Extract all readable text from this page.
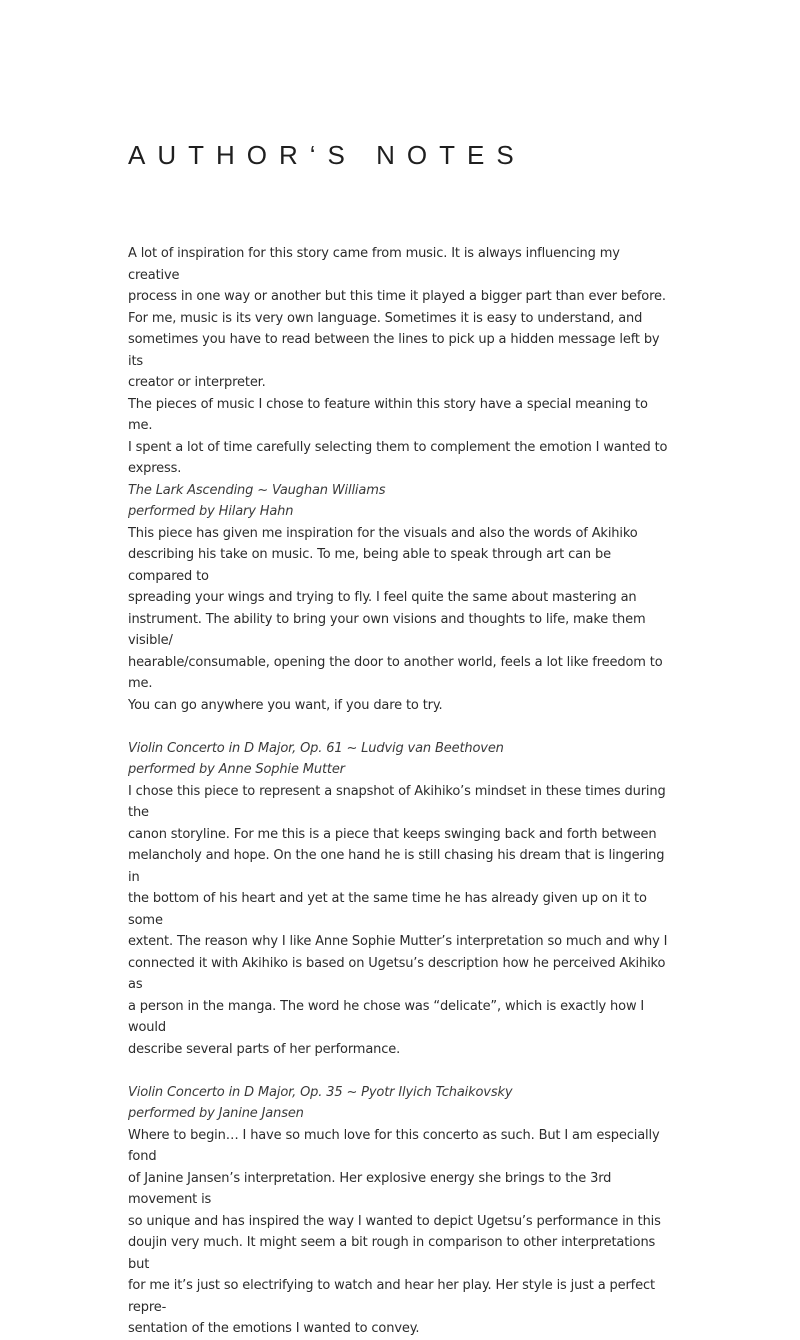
AUTHOR‘S NOTES

A lot of inspiration for this story came from music. It is always influencing my creative
process in one way or another but this time it played a bigger part than ever before.
For me, music is its very own language. Sometimes it is easy to understand, and
sometimes you have to read between the lines to pick up a hidden message left by its
creator or interpreter.
The pieces of music I chose to feature within this story have a special meaning to me.
I spent a lot of time carefully selecting them to complement the emotion I wanted to
express.

The Lark Ascending ~ Vaughan Williams
performed by Hilary Hahn

This piece has given me inspiration for the visuals and also the words of Akihiko
describing his take on music. To me, being able to speak through art can be compared to
spreading your wings and trying to fly. I feel quite the same about mastering an
instrument. The ability to bring your own visions and thoughts to life, make them visible/
hearable/consumable, opening the door to another world, feels a lot like freedom to me.
You can go anywhere you want, if you dare to try.

Violin Concerto in D Major, Op. 61 ~ Ludvig van Beethoven
performed by Anne Sophie Mutter

I chose this piece to represent a snapshot of Akihiko’s mindset in these times during the
canon storyline. For me this is a piece that keeps swinging back and forth between
melancholy and hope. On the one hand he is still chasing his dream that is lingering in
the bottom of his heart and yet at the same time he has already given up on it to some
extent. The reason why I like Anne Sophie Mutter’s interpretation so much and why I
connected it with Akihiko is based on Ugetsu’s description how he perceived Akihiko as
a person in the manga. The word he chose was “delicate”, which is exactly how I would
describe several parts of her performance.

Violin Concerto in D Major, Op. 35 ~ Pyotr Ilyich Tchaikovsky
performed by Janine Jansen

Where to begin… I have so much love for this concerto as such. But I am especially fond
of Janine Jansen’s interpretation. Her explosive energy she brings to the 3rd movement is
so unique and has inspired the way I wanted to depict Ugetsu’s performance in this
doujin very much. It might seem a bit rough in comparison to other interpretations but
for me it’s just so electrifying to watch and hear her play. Her style is just a perfect repre-
sentation of the emotions I wanted to convey.
